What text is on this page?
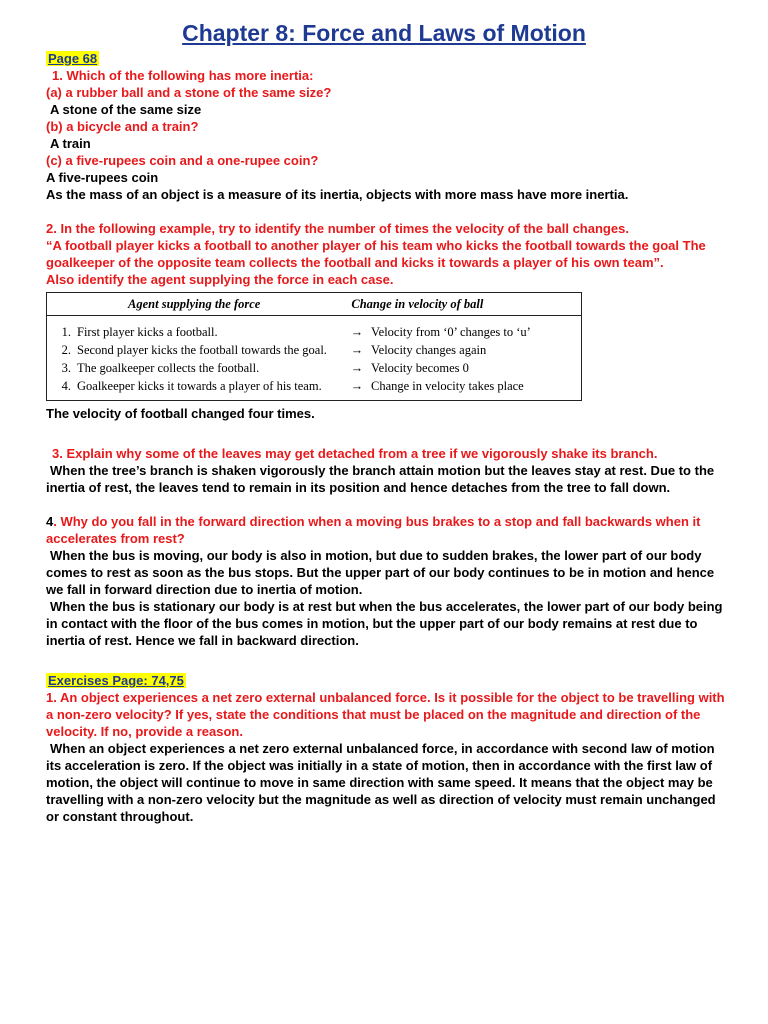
Chapter 8: Force and Laws of Motion
Page 68
1. Which of the following has more inertia:
(a) a rubber ball and a stone of the same size?
A stone of the same size
(b) a bicycle and a train?
A train
(c) a five-rupees coin and a one-rupee coin?
A five-rupees coin
As the mass of an object is a measure of its inertia, objects with more mass have more inertia.
2. In the following example, try to identify the number of times the velocity of the ball changes.
“A football player kicks a football to another player of his team who kicks the football towards the goal The goalkeeper of the opposite team collects the football and kicks it towards a player of his own team”.
Also identify the agent supplying the force in each case.
Agent supplying the force	Change in velocity of ball
1. First player kicks a football.	→ Velocity from ‘0’ changes to ‘u’
2. Second player kicks the football towards the goal.	→ Velocity changes again
3. The goalkeeper collects the football.	→ Velocity becomes 0
4. Goalkeeper kicks it towards a player of his team.	→ Change in velocity takes place
The velocity of football changed four times.
3. Explain why some of the leaves may get detached from a tree if we vigorously shake its branch.
When the tree’s branch is shaken vigorously the branch attain motion but the leaves stay at rest. Due to the inertia of rest, the leaves tend to remain in its position and hence detaches from the tree to fall down.
4. Why do you fall in the forward direction when a moving bus brakes to a stop and fall backwards when it accelerates from rest?
When the bus is moving, our body is also in motion, but due to sudden brakes, the lower part of our body comes to rest as soon as the bus stops. But the upper part of our body continues to be in motion and hence we fall in forward direction due to inertia of motion.
When the bus is stationary our body is at rest but when the bus accelerates, the lower part of our body being in contact with the floor of the bus comes in motion, but the upper part of our body remains at rest due to inertia of rest. Hence we fall in backward direction.
Exercises Page: 74,75
1. An object experiences a net zero external unbalanced force. Is it possible for the object to be travelling with a non-zero velocity? If yes, state the conditions that must be placed on the magnitude and direction of the velocity. If no, provide a reason.
When an object experiences a net zero external unbalanced force, in accordance with second law of motion its acceleration is zero. If the object was initially in a state of motion, then in accordance with the first law of motion, the object will continue to move in same direction with same speed. It means that the object may be travelling with a non-zero velocity but the magnitude as well as direction of velocity must remain unchanged or constant throughout.
